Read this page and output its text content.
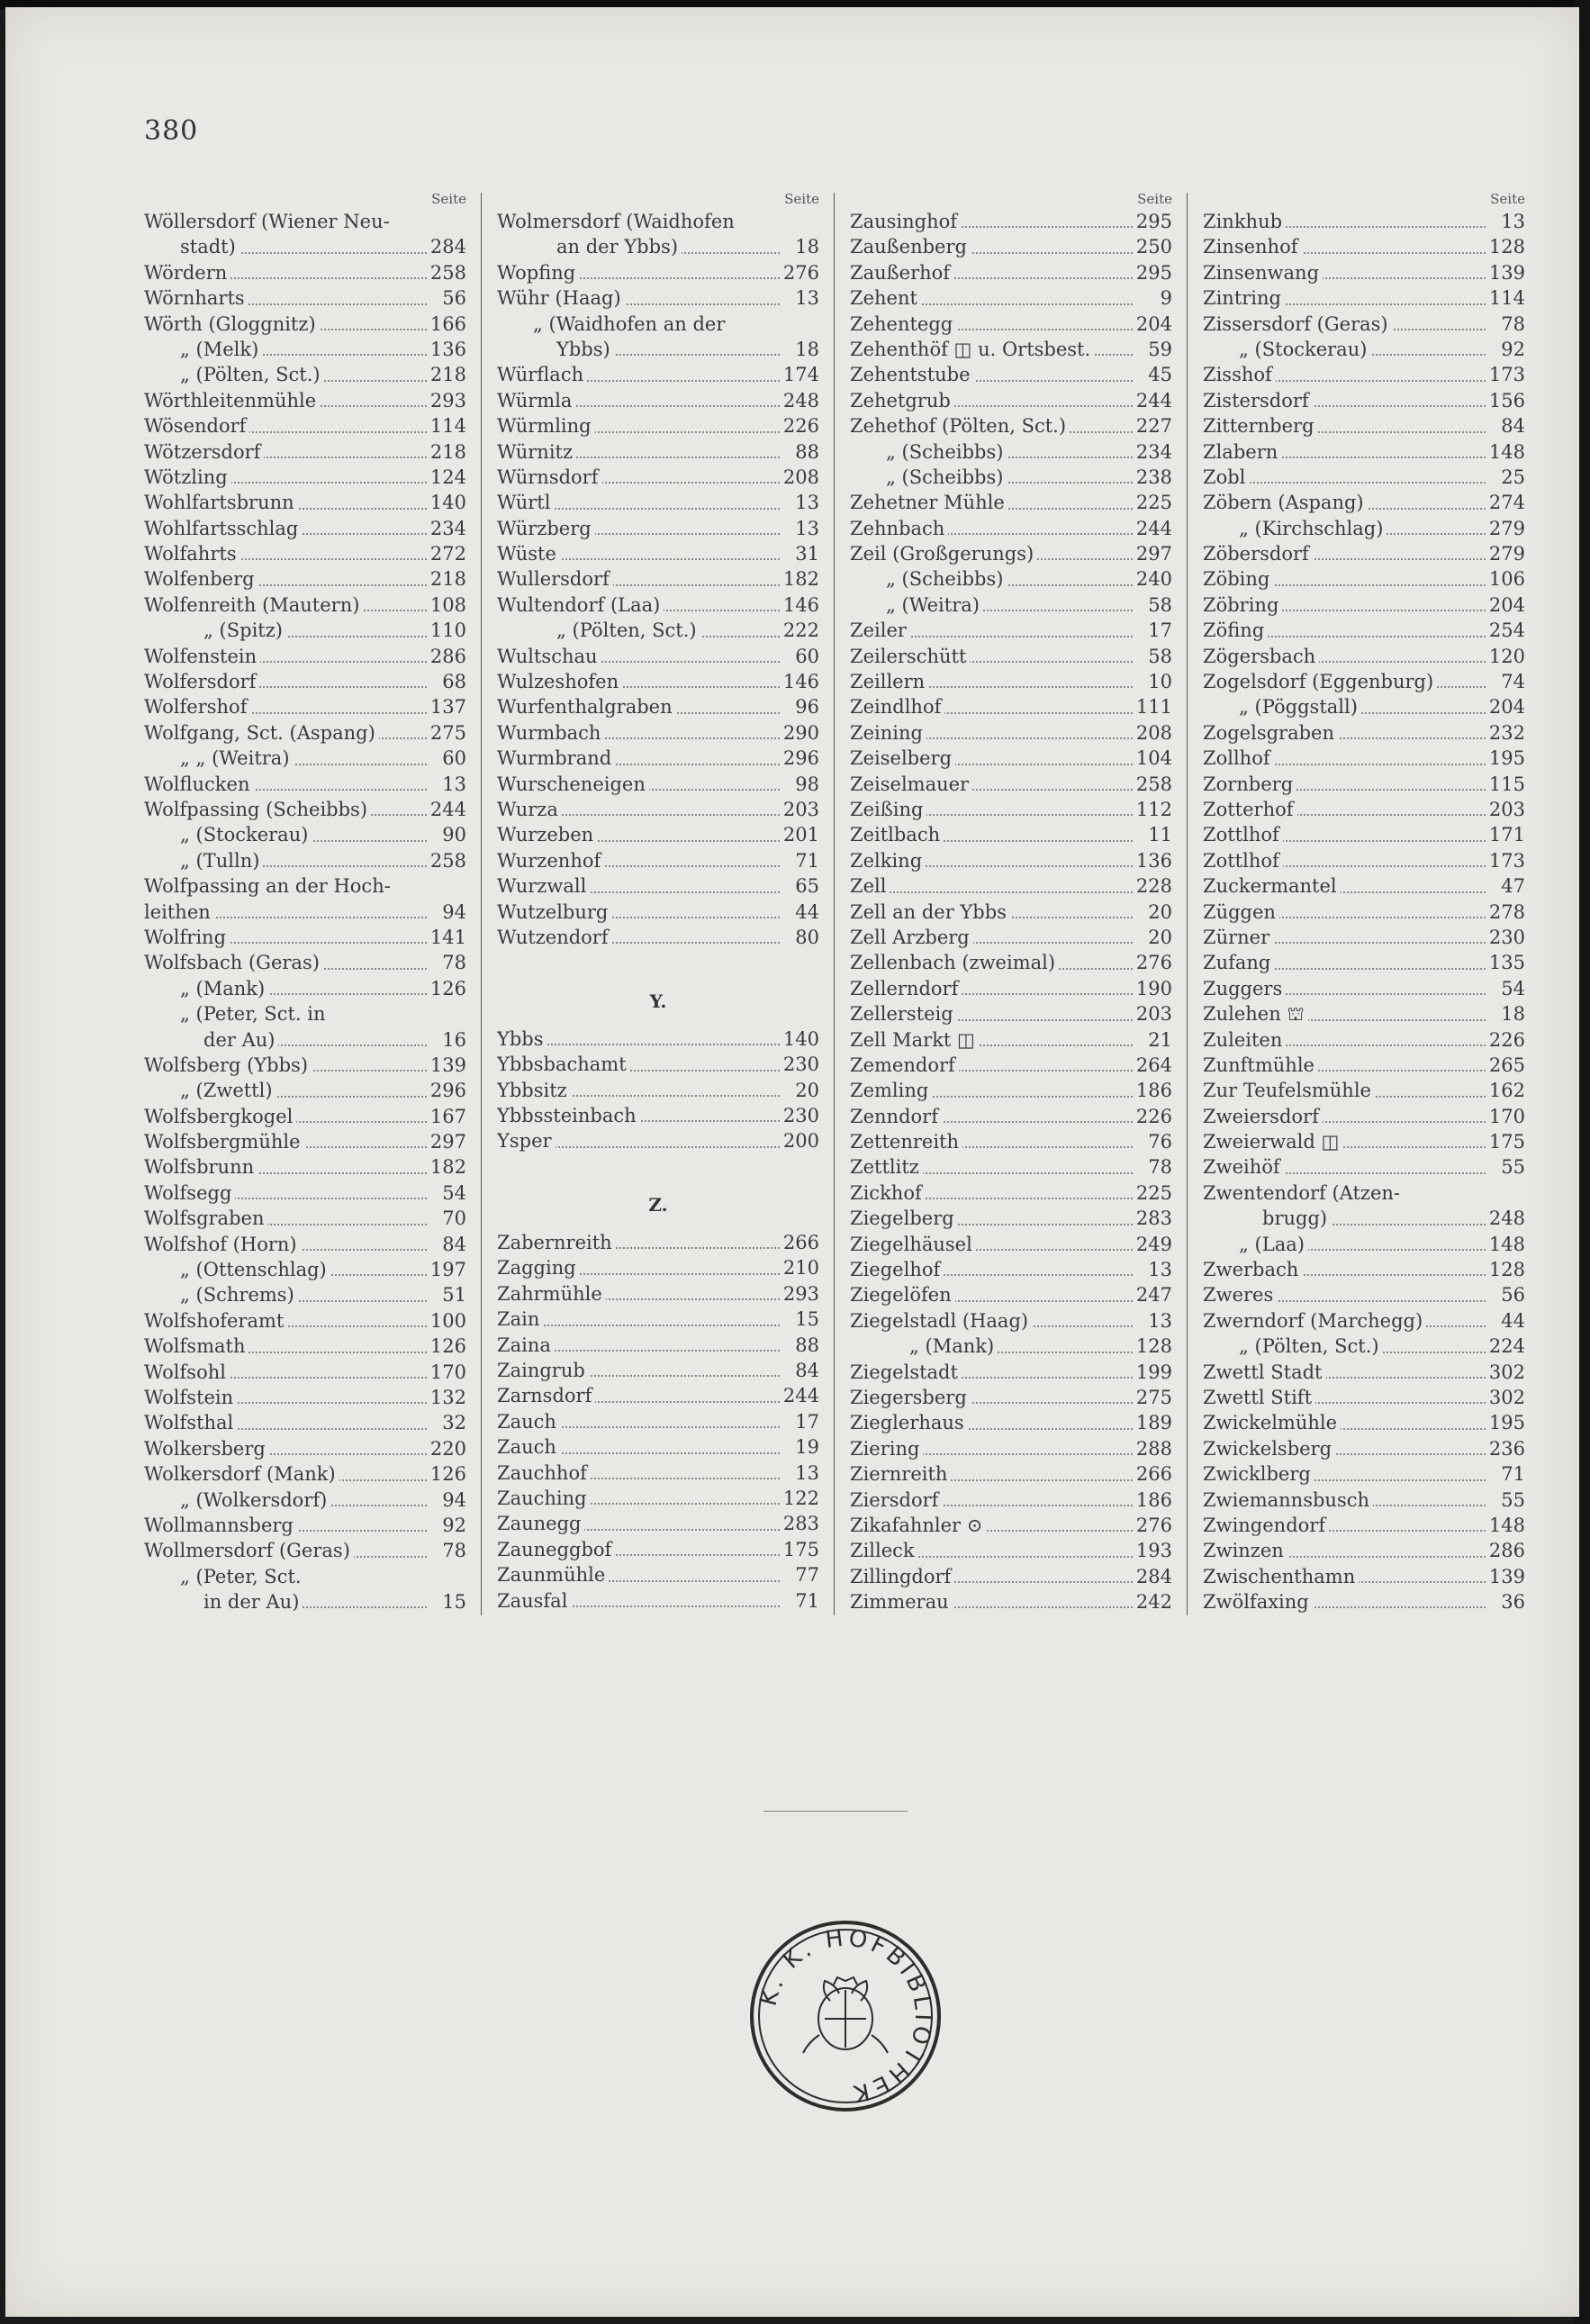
380
Seite
Wöllersdorf (Wiener Neu-
stadt)	284
Wördern	258
Wörnharts	56
Wörth (Gloggnitz)	166
„ (Melk)	136
„ (Pölten, Sct.)	218
Wörthleitenmühle	293
Wösendorf	114
Wötzersdorf	218
Wötzling	124
Wohlfartsbrunn	140
Wohlfartsschlag	234
Wolfahrts	272
Wolfenberg	218
Wolfenreith (Mautern)	108
„ (Spitz)	110
Wolfenstein	286
Wolfersdorf	68
Wolfershof	137
Wolfgang, Sct. (Aspang)	275
„ „ (Weitra)	60
Wolflucken	13
Wolfpassing (Scheibbs)	244
„ (Stockerau)	90
„ (Tulln)	258
Wolfpassing an der Hoch-
leithen	94
Wolfring	141
Wolfsbach (Geras)	78
„ (Mank)	126
„ (Peter, Sct. in
der Au)	16
Wolfsberg (Ybbs)	139
„ (Zwettl)	296
Wolfsbergkogel	167
Wolfsbergmühle	297
Wolfsbrunn	182
Wolfsegg	54
Wolfsgraben	70
Wolfshof (Horn)	84
„ (Ottenschlag)	197
„ (Schrems)	51
Wolfshoferamt	100
Wolfsmath	126
Wolfsohl	170
Wolfstein	132
Wolfsthal	32
Wolkersberg	220
Wolkersdorf (Mank)	126
„ (Wolkersdorf)	94
Wollmannsberg	92
Wollmersdorf (Geras)	78
„ (Peter, Sct.
in der Au)	15
Seite
Wolmersdorf (Waidhofen
an der Ybbs)	18
Wopfing	276
Wühr (Haag)	13
„ (Waidhofen an der
Ybbs)	18
Würflach	174
Würmla	248
Würmling	226
Würnitz	88
Würnsdorf	208
Würtl	13
Würzberg	13
Wüste	31
Wullersdorf	182
Wultendorf (Laa)	146
„ (Pölten, Sct.)	222
Wultschau	60
Wulzeshofen	146
Wurfenthalgraben	96
Wurmbach	290
Wurmbrand	296
Wurscheneigen	98
Wurza	203
Wurzeben	201
Wurzenhof	71
Wurzwall	65
Wutzelburg	44
Wutzendorf	80
Y.
Ybbs	140
Ybbsbachamt	230
Ybbsitz	20
Ybbssteinbach	230
Ysper	200
Z.
Zabernreith	266
Zagging	210
Zahrmühle	293
Zain	15
Zaina	88
Zaingrub	84
Zarnsdorf	244
Zauch	17
Zauch	19
Zauchhof	13
Zauching	122
Zaunegg	283
Zauneggbof	175
Zaunmühle	77
Zausfal	71
Seite
Zausinghof	295
Zaußenberg	250
Zaußerhof	295
Zehent	9
Zehentegg	204
Zehenthöf ◫ u. Ortsbest.	59
Zehentstube	45
Zehetgrub	244
Zehethof (Pölten, Sct.)	227
„ (Scheibbs)	234
„ (Scheibbs)	238
Zehetner Mühle	225
Zehnbach	244
Zeil (Großgerungs)	297
„ (Scheibbs)	240
„ (Weitra)	58
Zeiler	17
Zeilerschütt	58
Zeillern	10
Zeindlhof	111
Zeining	208
Zeiselberg	104
Zeiselmauer	258
Zeißing	112
Zeitlbach	11
Zelking	136
Zell	228
Zell an der Ybbs	20
Zell Arzberg	20
Zellenbach (zweimal)	276
Zellerndorf	190
Zellersteig	203
Zell Markt ◫	21
Zemendorf	264
Zemling	186
Zenndorf	226
Zettenreith	76
Zettlitz	78
Zickhof	225
Ziegelberg	283
Ziegelhäusel	249
Ziegelhof	13
Ziegelöfen	247
Ziegelstadl (Haag)	13
„ (Mank)	128
Ziegelstadt	199
Ziegersberg	275
Zieglerhaus	189
Ziering	288
Ziernreith	266
Ziersdorf	186
Zikafahnler ⊙	276
Zilleck	193
Zillingdorf	284
Zimmerau	242
Seite
Zinkhub	13
Zinsenhof	128
Zinsenwang	139
Zintring	114
Zissersdorf (Geras)	78
„ (Stockerau)	92
Zisshof	173
Zistersdorf	156
Zitternberg	84
Zlabern	148
Zobl	25
Zöbern (Aspang)	274
„ (Kirchschlag)	279
Zöbersdorf	279
Zöbing	106
Zöbring	204
Zöfing	254
Zögersbach	120
Zogelsdorf (Eggenburg)	74
„ (Pöggstall)	204
Zogelsgraben	232
Zollhof	195
Zornberg	115
Zotterhof	203
Zottlhof	171
Zottlhof	173
Zuckermantel	47
Züggen	278
Zürner	230
Zufang	135
Zuggers	54
Zulehen ⛫	18
Zuleiten	226
Zunftmühle	265
Zur Teufelsmühle	162
Zweiersdorf	170
Zweierwald ◫	175
Zweihöf	55
Zwentendorf (Atzen-
brugg)	248
„ (Laa)	148
Zwerbach	128
Zweres	56
Zwerndorf (Marchegg)	44
„ (Pölten, Sct.)	224
Zwettl Stadt	302
Zwettl Stift	302
Zwickelmühle	195
Zwickelsberg	236
Zwicklberg	71
Zwiemannsbusch	55
Zwingendorf	148
Zwinzen	286
Zwischenthamn	139
Zwölfaxing	36
K. K. HOFBIBLIOTHEK
